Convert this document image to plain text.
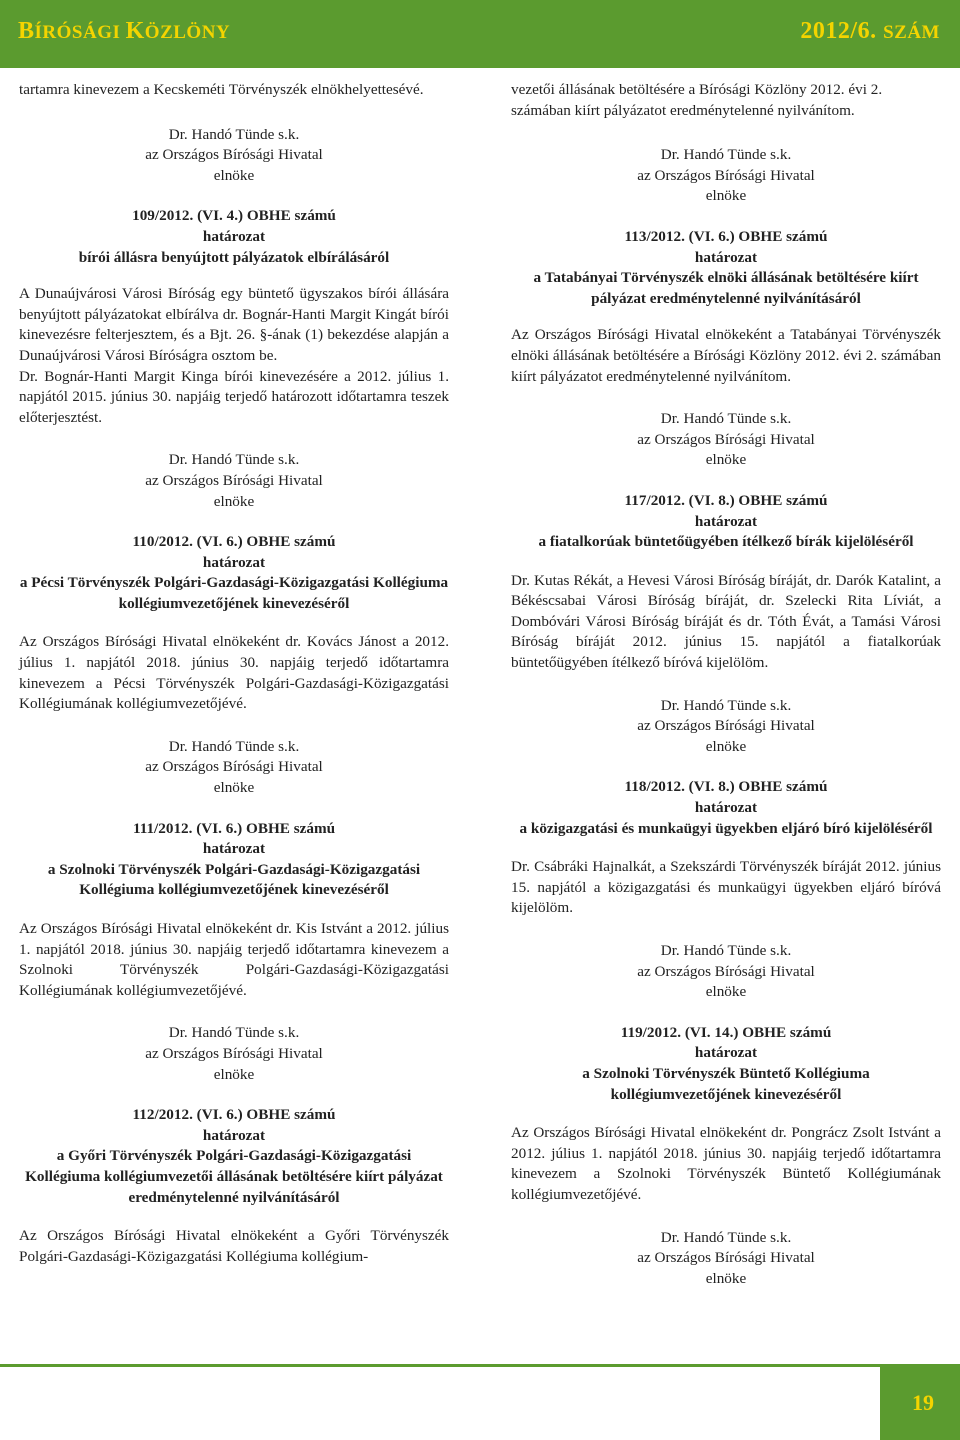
BÍRÓSÁGI KÖZLÖNY	2012/6. SZÁM

tartamra kinevezem a Kecskeméti Törvényszék elnökhelyettesévé.

Dr. Handó Tünde s.k.
az Országos Bírósági Hivatal
elnöke
109/2012. (VI. 4.) OBHE számú
határozat
bírói állásra benyújtott pályázatok elbírálásáról

A Dunaújvárosi Városi Bíróság egy büntető ügyszakos bírói állására benyújtott pályázatokat elbírálva dr. Bognár-Hanti Margit Kingát bírói kinevezésre felterjesztem, és a Bjt. 26. §-ának (1) bekezdése alapján a Dunaújvárosi Városi Bíróságra osztom be.

Dr. Bognár-Hanti Margit Kinga bírói kinevezésére a 2012. július 1. napjától 2015. június 30. napjáig terjedő határozott időtartamra teszek előterjesztést.

Dr. Handó Tünde s.k.
az Országos Bírósági Hivatal
elnöke
110/2012. (VI. 6.) OBHE számú
határozat
a Pécsi Törvényszék Polgári-Gazdasági-Közigazgatási Kollégiuma kollégiumvezetőjének kinevezéséről

Az Országos Bírósági Hivatal elnökeként dr. Kovács Jánost a 2012. július 1. napjától 2018. június 30. napjáig terjedő időtartamra kinevezem a Pécsi Törvényszék Polgári-Gazdasági-Közigazgatási Kollégiumának kollégiumvezetőjévé.

Dr. Handó Tünde s.k.
az Országos Bírósági Hivatal
elnöke
111/2012. (VI. 6.) OBHE számú
határozat
a Szolnoki Törvényszék Polgári-Gazdasági-Közigazgatási Kollégiuma kollégiumvezetőjének kinevezéséről

Az Országos Bírósági Hivatal elnökeként dr. Kis Istvánt a 2012. július 1. napjától 2018. június 30. napjáig terjedő időtartamra kinevezem a Szolnoki Törvényszék Polgári-Gazdasági-Közigazgatási Kollégiumának kollégiumvezetőjévé.

Dr. Handó Tünde s.k.
az Országos Bírósági Hivatal
elnöke
112/2012. (VI. 6.) OBHE számú
határozat
a Győri Törvényszék Polgári-Gazdasági-Közigazgatási Kollégiuma kollégiumvezetői állásának betöltésére kiírt pályázat eredménytelenné nyilvánításáról

Az Országos Bírósági Hivatal elnökeként a Győri Törvényszék Polgári-Gazdasági-Közigazgatási Kollégiuma kollégium-

vezetői állásának betöltésére a Bírósági Közlöny 2012. évi 2. számában kiírt pályázatot eredménytelenné nyilvánítom.

Dr. Handó Tünde s.k.
az Országos Bírósági Hivatal
elnöke
113/2012. (VI. 6.) OBHE számú
határozat
a Tatabányai Törvényszék elnöki állásának betöltésére kiírt pályázat eredménytelenné nyilvánításáról

Az Országos Bírósági Hivatal elnökeként a Tatabányai Törvényszék elnöki állásának betöltésére a Bírósági Közlöny 2012. évi 2. számában kiírt pályázatot eredménytelenné nyilvánítom.

Dr. Handó Tünde s.k.
az Országos Bírósági Hivatal
elnöke
117/2012. (VI. 8.) OBHE számú
határozat
a fiatalkorúak büntetőügyében ítélkező bírák kijelöléséről

Dr. Kutas Rékát, a Hevesi Városi Bíróság bíráját, dr. Darók Katalint, a Békéscsabai Városi Bíróság bíráját, dr. Szelecki Rita Líviát, a Dombóvári Városi Bíróság bíráját és dr. Tóth Évát, a Tamási Városi Bíróság bíráját 2012. június 15. napjától a fiatalkorúak büntetőügyében ítélkező bíróvá kijelölöm.

Dr. Handó Tünde s.k.
az Országos Bírósági Hivatal
elnöke
118/2012. (VI. 8.) OBHE számú
határozat
a közigazgatási és munkaügyi ügyekben eljáró bíró kijelöléséről

Dr. Csábráki Hajnalkát, a Szekszárdi Törvényszék bíráját 2012. június 15. napjától a közigazgatási és munkaügyi ügyekben eljáró bíróvá kijelölöm.

Dr. Handó Tünde s.k.
az Országos Bírósági Hivatal
elnöke
119/2012. (VI. 14.) OBHE számú
határozat
a Szolnoki Törvényszék Büntető Kollégiuma kollégiumvezetőjének kinevezéséről

Az Országos Bírósági Hivatal elnökeként dr. Pongrácz Zsolt Istvánt a 2012. július 1. napjától 2018. június 30. napjáig terjedő időtartamra kinevezem a Szolnoki Törvényszék Büntető Kollégiumának kollégiumvezetőjévé.

Dr. Handó Tünde s.k.
az Országos Bírósági Hivatal
elnöke
19
